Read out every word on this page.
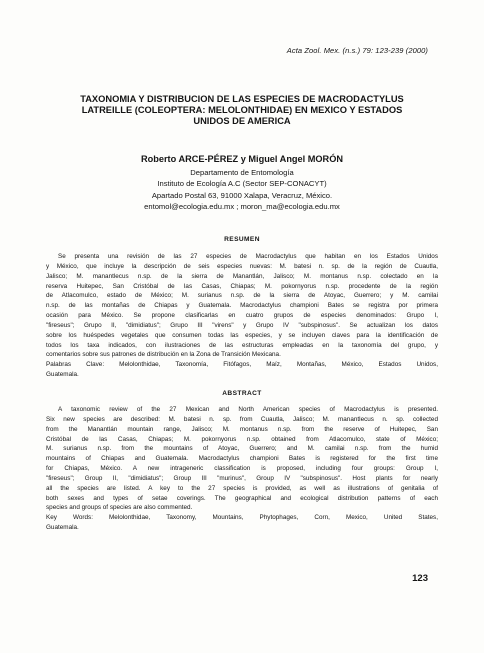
Acta Zool. Mex. (n.s.) 79: 123-239 (2000)
TAXONOMIA Y DISTRIBUCION DE LAS ESPECIES DE MACRODACTYLUS
LATREILLE (COLEOPTERA: MELOLONTHIDAE) EN MEXICO Y ESTADOS
UNIDOS DE AMERICA
Roberto ARCE-PÉREZ y Miguel Angel MORÓN
Departamento de Entomología
Instituto de Ecología A.C (Sector SEP-CONACYT)
Apartado Postal 63, 91000 Xalapa, Veracruz, México.
entomol@ecologia.edu.mx ; moron_ma@ecologia.edu.mx
RESUMEN
Se presenta una revisión de las 27 especies de Macrodactylus que habitan en los Estados Unidos
y México, que incluye la descripción de seis especies nuevas: M. batesi n. sp. de la región de Cuautla,
Jalisco; M. manantlecus n.sp. de la sierra de Manantlán, Jalisco; M. montanus n.sp. colectado en la
reserva Huitepec, San Cristóbal de las Casas, Chiapas; M. pokornyorus n.sp. procedente de la región
de Atlacomulco, estado de México; M. surianus n.sp. de la sierra de Atoyac, Guerrero; y M. camilai
n.sp. de las montañas de Chiapas y Guatemala. Macrodactylus championi Bates se registra por primera
ocasión para México. Se propone clasificarlas en cuatro grupos de especies denominados: Grupo I,
"fireseus"; Grupo II, "dimidiatus"; Grupo III "virens" y Grupo IV "subspinosus". Se actualizan los datos
sobre los huéspedes vegetales que consumen todas las especies, y se incluyen claves para la identificación de
todos los taxa indicados, con ilustraciones de las estructuras empleadas en la taxonomía del grupo, y
comentarios sobre sus patrones de distribución en la Zona de Transición Mexicana.
Palabras Clave: Melolonthidae, Taxonomía, Fitófagos, Maíz, Montañas, México, Estados Unidos,
Guatemala.
ABSTRACT
A taxonomic review of the 27 Mexican and North American species of Macrodactylus is presented.
Six new species are described: M. batesi n. sp. from Cuautla, Jalisco; M. manantlecus n. sp. collected
from the Manantlán mountain range, Jalisco; M. montanus n.sp. from the reserve of Huitepec, San
Cristóbal de las Casas, Chiapas; M. pokornyorus n.sp. obtained from Atlacomulco, state of México;
M. surianus n.sp. from the mountains of Atoyac, Guerrero; and M. camilai n.sp. from the humid
mountains of Chiapas and Guatemala. Macrodactylus championi Bates is registered for the first time
for Chiapas, México. A new intrageneric classification is proposed, including four groups: Group I,
"fireseus"; Group II, "dimidiatus"; Group III "murinus", Group IV "subspinosus". Host plants for nearly
all the species are listed. A key to the 27 species is provided, as well as illustrations of genitalia of
both sexes and types of setae coverings. The geographical and ecological distribution patterns of each
species and groups of species are also commented.
Key Words: Melolonthidae, Taxonomy, Mountains, Phytophages, Corn, Mexico, United States,
Guatemala.
123
